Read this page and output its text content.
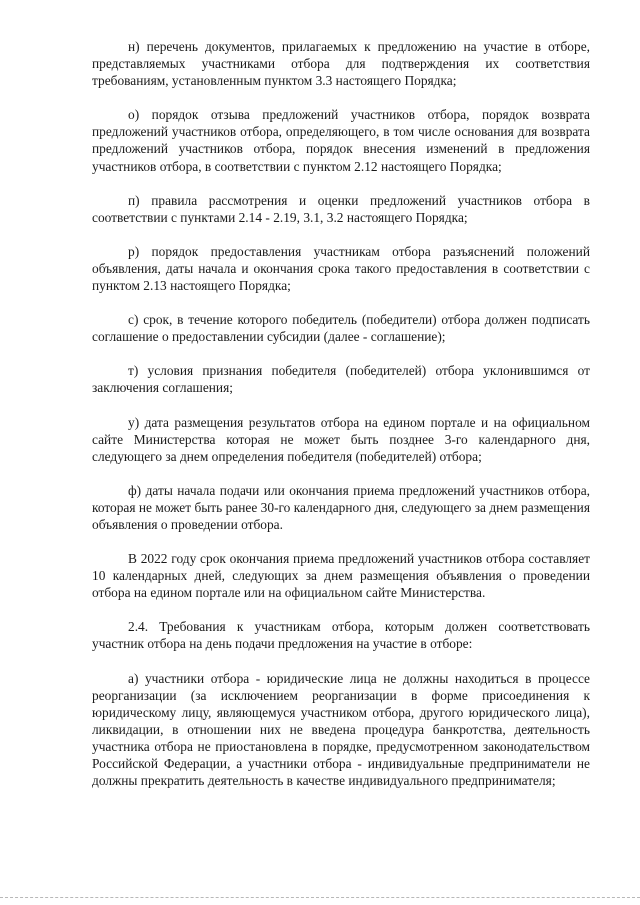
н) перечень документов, прилагаемых к предложению на участие в отборе, представляемых участниками отбора для подтверждения их соответствия требованиям, установленным пунктом 3.3 настоящего Порядка;

о) порядок отзыва предложений участников отбора, порядок возврата предложений участников отбора, определяющего, в том числе основания для возврата предложений участников отбора, порядок внесения изменений в предложения участников отбора, в соответствии с пунктом 2.12 настоящего Порядка;

п) правила рассмотрения и оценки предложений участников отбора в соответствии с пунктами 2.14 - 2.19, 3.1, 3.2 настоящего Порядка;

р) порядок предоставления участникам отбора разъяснений положений объявления, даты начала и окончания срока такого предоставления в соответствии с пунктом 2.13 настоящего Порядка;

с) срок, в течение которого победитель (победители) отбора должен подписать соглашение о предоставлении субсидии (далее - соглашение);

т) условия признания победителя (победителей) отбора уклонившимся от заключения соглашения;

у) дата размещения результатов отбора на едином портале и на официальном сайте Министерства которая не может быть позднее 3-го календарного дня, следующего за днем определения победителя (победителей) отбора;

ф) даты начала подачи или окончания приема предложений участников отбора, которая не может быть ранее 30-го календарного дня, следующего за днем размещения объявления о проведении отбора.

В 2022 году срок окончания приема предложений участников отбора составляет 10 календарных дней, следующих за днем размещения объявления о проведении отбора на едином портале или на официальном сайте Министерства.

2.4. Требования к участникам отбора, которым должен соответствовать участник отбора на день подачи предложения на участие в отборе:

а) участники отбора - юридические лица не должны находиться в процессе реорганизации (за исключением реорганизации в форме присоединения к юридическому лицу, являющемуся участником отбора, другого юридического лица), ликвидации, в отношении них не введена процедура банкротства, деятельность участника отбора не приостановлена в порядке, предусмотренном законодательством Российской Федерации, а участники отбора - индивидуальные предприниматели не должны прекратить деятельность в качестве индивидуального предпринимателя;
